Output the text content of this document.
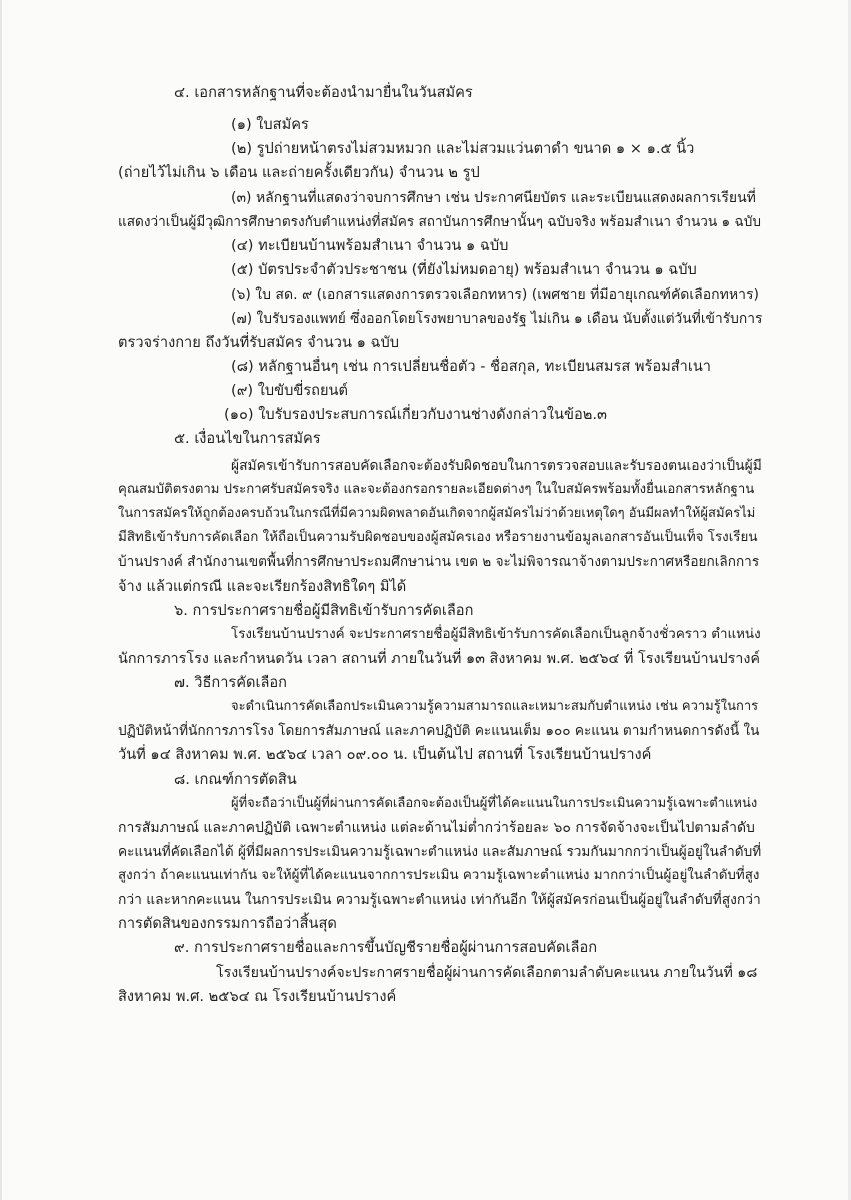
๔. เอกสารหลักฐานที่จะต้องนำมายื่นในวันสมัคร

(๑) ใบสมัคร

(๒) รูปถ่ายหน้าตรงไม่สวมหมวก และไม่สวมแว่นตาดำ ขนาด ๑ × ๑.๕ นิ้ว

(ถ่ายไว้ไม่เกิน ๖ เดือน และถ่ายครั้งเดียวกัน) จำนวน ๒ รูป

(๓) หลักฐานที่แสดงว่าจบการศึกษา เช่น ประกาศนียบัตร และระเบียนแสดงผลการเรียนที่

แสดงว่าเป็นผู้มีวุฒิการศึกษาตรงกับตำแหน่งที่สมัคร สถาบันการศึกษานั้นๆ ฉบับจริง พร้อมสำเนา จำนวน ๑ ฉบับ

(๔) ทะเบียนบ้านพร้อมสำเนา จำนวน ๑ ฉบับ

(๕) บัตรประจำตัวประชาชน (ที่ยังไม่หมดอายุ) พร้อมสำเนา จำนวน ๑ ฉบับ

(๖) ใบ สด. ๙ (เอกสารแสดงการตรวจเลือกทหาร) (เพศชาย ที่มีอายุเกณฑ์คัดเลือกทหาร)

(๗) ใบรับรองแพทย์ ซึ่งออกโดยโรงพยาบาลของรัฐ ไม่เกิน ๑ เดือน นับตั้งแต่วันที่เข้ารับการ

ตรวจร่างกาย ถึงวันที่รับสมัคร จำนวน ๑ ฉบับ

(๘) หลักฐานอื่นๆ เช่น การเปลี่ยนชื่อตัว - ชื่อสกุล, ทะเบียนสมรส พร้อมสำเนา

(๙) ใบขับขี่รถยนต์

(๑๐) ใบรับรองประสบการณ์เกี่ยวกับงานช่างดังกล่าวในข้อ๒.๓

๕. เงื่อนไขในการสมัคร

ผู้สมัครเข้ารับการสอบคัดเลือกจะต้องรับผิดชอบในการตรวจสอบและรับรองตนเองว่าเป็นผู้มี

คุณสมบัติตรงตาม ประกาศรับสมัครจริง และจะต้องกรอกรายละเอียดต่างๆ ในใบสมัครพร้อมทั้งยื่นเอกสารหลักฐาน

ในการสมัครให้ถูกต้องครบถ้วนในกรณีที่มีความผิดพลาดอันเกิดจากผู้สมัครไม่ว่าด้วยเหตุใดๆ อันมีผลทำให้ผู้สมัครไม่

มีสิทธิเข้ารับการคัดเลือก ให้ถือเป็นความรับผิดชอบของผู้สมัครเอง หรือรายงานข้อมูลเอกสารอันเป็นเท็จ โรงเรียน

บ้านปรางค์ สำนักงานเขตพื้นที่การศึกษาประถมศึกษาน่าน เขต ๒ จะไม่พิจารณาจ้างตามประกาศหรือยกเลิกการ

จ้าง แล้วแต่กรณี และจะเรียกร้องสิทธิใดๆ มิได้

๖. การประกาศรายชื่อผู้มีสิทธิเข้ารับการคัดเลือก

โรงเรียนบ้านปรางค์ จะประกาศรายชื่อผู้มีสิทธิเข้ารับการคัดเลือกเป็นลูกจ้างชั่วคราว ตำแหน่ง

นักการภารโรง และกำหนดวัน เวลา สถานที่ ภายในวันที่ ๑๓ สิงหาคม พ.ศ. ๒๕๖๔ ที่ โรงเรียนบ้านปรางค์

๗. วิธีการคัดเลือก

จะดำเนินการคัดเลือกประเมินความรู้ความสามารถและเหมาะสมกับตำแหน่ง เช่น ความรู้ในการ

ปฏิบัติหน้าที่นักการภารโรง โดยการสัมภาษณ์ และภาคปฏิบัติ คะแนนเต็ม ๑๐๐ คะแนน ตามกำหนดการดังนี้ ใน

วันที่ ๑๔ สิงหาคม พ.ศ. ๒๕๖๔ เวลา ๐๙.๐๐ น. เป็นต้นไป สถานที่ โรงเรียนบ้านปรางค์

๘. เกณฑ์การตัดสิน

ผู้ที่จะถือว่าเป็นผู้ที่ผ่านการคัดเลือกจะต้องเป็นผู้ที่ได้คะแนนในการประเมินความรู้เฉพาะตำแหน่ง

การสัมภาษณ์ และภาคปฏิบัติ เฉพาะตำแหน่ง แต่ละด้านไม่ต่ำกว่าร้อยละ ๖๐ การจัดจ้างจะเป็นไปตามลำดับ

คะแนนที่คัดเลือกได้ ผู้ที่มีผลการประเมินความรู้เฉพาะตำแหน่ง และสัมภาษณ์ รวมกันมากกว่าเป็นผู้อยู่ในลำดับที่

สูงกว่า ถ้าคะแนนเท่ากัน จะให้ผู้ที่ได้คะแนนจากการประเมิน ความรู้เฉพาะตำแหน่ง มากกว่าเป็นผู้อยู่ในลำดับที่สูง

กว่า และหากคะแนน ในการประเมิน ความรู้เฉพาะตำแหน่ง เท่ากันอีก ให้ผู้สมัครก่อนเป็นผู้อยู่ในลำดับที่สูงกว่า

การตัดสินของกรรมการถือว่าสิ้นสุด

๙. การประกาศรายชื่อและการขึ้นบัญชีรายชื่อผู้ผ่านการสอบคัดเลือก

โรงเรียนบ้านปรางค์จะประกาศรายชื่อผู้ผ่านการคัดเลือกตามลำดับคะแนน ภายในวันที่ ๑๘

สิงหาคม พ.ศ. ๒๕๖๔ ณ โรงเรียนบ้านปรางค์
